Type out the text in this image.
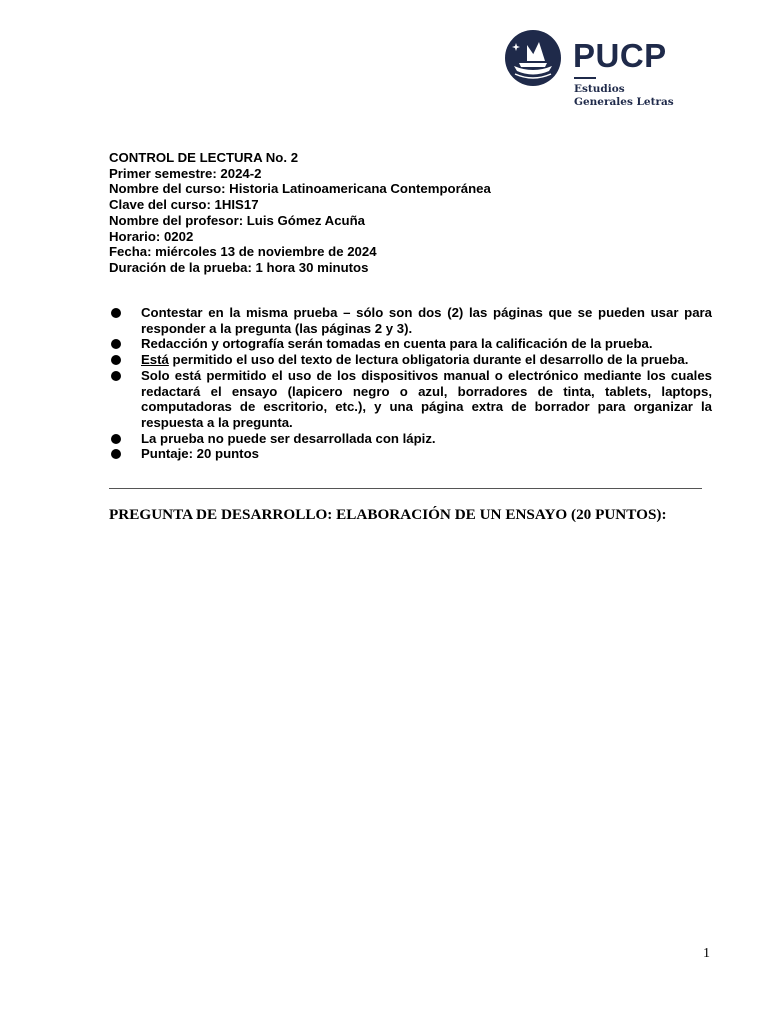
PUCP
Estudios
Generales Letras
CONTROL DE LECTURA No. 2
Primer semestre: 2024-2
Nombre del curso: Historia Latinoamericana Contemporánea
Clave del curso: 1HIS17
Nombre del profesor: Luis Gómez Acuña
Horario: 0202
Fecha: miércoles 13 de noviembre de 2024
Duración de la prueba: 1 hora 30 minutos
Contestar en la misma prueba – sólo son dos (2) las páginas que se pueden usar para responder a la pregunta (las páginas 2 y 3).
Redacción y ortografía serán tomadas en cuenta para la calificación de la prueba.
Está permitido el uso del texto de lectura obligatoria durante el desarrollo de la prueba.
Solo está permitido el uso de los dispositivos manual o electrónico mediante los cuales redactará el ensayo (lapicero negro o azul, borradores de tinta, tablets, laptops, computadoras de escritorio, etc.), y una página extra de borrador para organizar la respuesta a la pregunta.
La prueba no puede ser desarrollada con lápiz.
Puntaje: 20 puntos
PREGUNTA DE DESARROLLO: ELABORACIÓN DE UN ENSAYO (20 PUNTOS):
1
